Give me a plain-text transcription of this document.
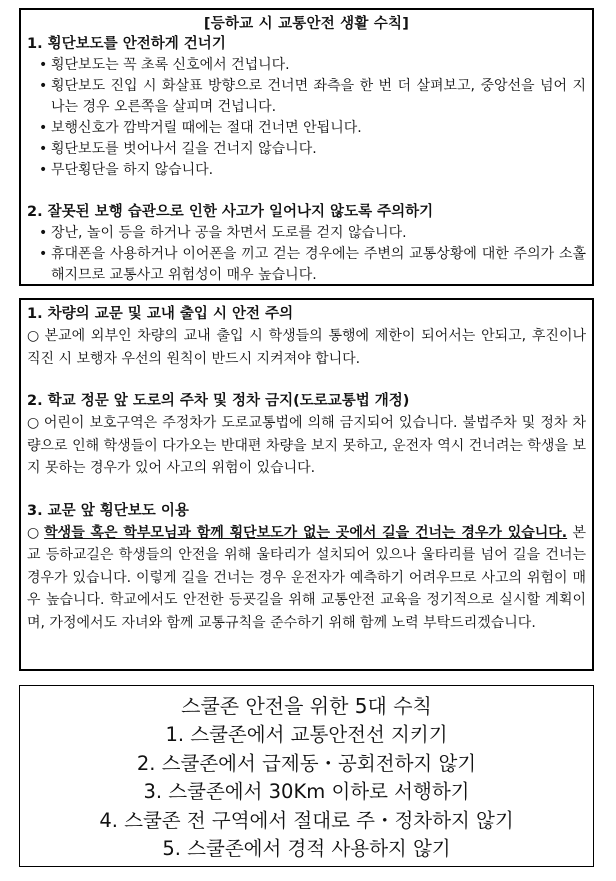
[등하교 시 교통안전 생활 수칙]

1. 횡단보도를 안전하게 건너기

• 횡단보도는 꼭 초록 신호에서 건넙니다.
• 횡단보도 진입 시 화살표 방향으로 건너면 좌측을 한 번 더 살펴보고, 중앙선을 넘어 지나는 경우 오른쪽을 살피며 건넙니다.
• 보행신호가 깜박거릴 때에는 절대 건너면 안됩니다.
• 횡단보도를 벗어나서 길을 건너지 않습니다.
• 무단횡단을 하지 않습니다.

2. 잘못된 보행 습관으로 인한 사고가 일어나지 않도록 주의하기

• 장난, 놀이 등을 하거나 공을 차면서 도로를 걷지 않습니다.
• 휴대폰을 사용하거나 이어폰을 끼고 걷는 경우에는 주변의 교통상황에 대한 주의가 소홀해지므로 교통사고 위험성이 매우 높습니다.

1. 차량의 교문 및 교내 출입 시 안전 주의

○ 본교에 외부인 차량의 교내 출입 시 학생들의 통행에 제한이 되어서는 안되고, 후진이나 직진 시 보행자 우선의 원칙이 반드시 지켜져야 합니다.

2. 학교 정문 앞 도로의 주차 및 정차 금지(도로교통법 개정)

○ 어린이 보호구역은 주정차가 도로교통법에 의해 금지되어 있습니다. 불법주차 및 정차 차량으로 인해 학생들이 다가오는 반대편 차량을 보지 못하고, 운전자 역시 건너려는 학생을 보지 못하는 경우가 있어 사고의 위험이 있습니다.

3. 교문 앞 횡단보도 이용

○ 학생들 혹은 학부모님과 함께 횡단보도가 없는 곳에서 길을 건너는 경우가 있습니다. 본교 등하교길은 학생들의 안전을 위해 울타리가 설치되어 있으나 울타리를 넘어 길을 건너는 경우가 있습니다. 이렇게 길을 건너는 경우 운전자가 예측하기 어려우므로 사고의 위험이 매우 높습니다. 학교에서도 안전한 등굣길을 위해 교통안전 교육을 정기적으로 실시할 계획이며, 가정에서도 자녀와 함께 교통규칙을 준수하기 위해 함께 노력 부탁드리겠습니다.

스쿨존 안전을 위한 5대 수칙
1. 스쿨존에서 교통안전선 지키기
2. 스쿨존에서 급제동・공회전하지 않기
3. 스쿨존에서 30Km 이하로 서행하기
4. 스쿨존 전 구역에서 절대로 주・정차하지 않기
5. 스쿨존에서 경적 사용하지 않기
